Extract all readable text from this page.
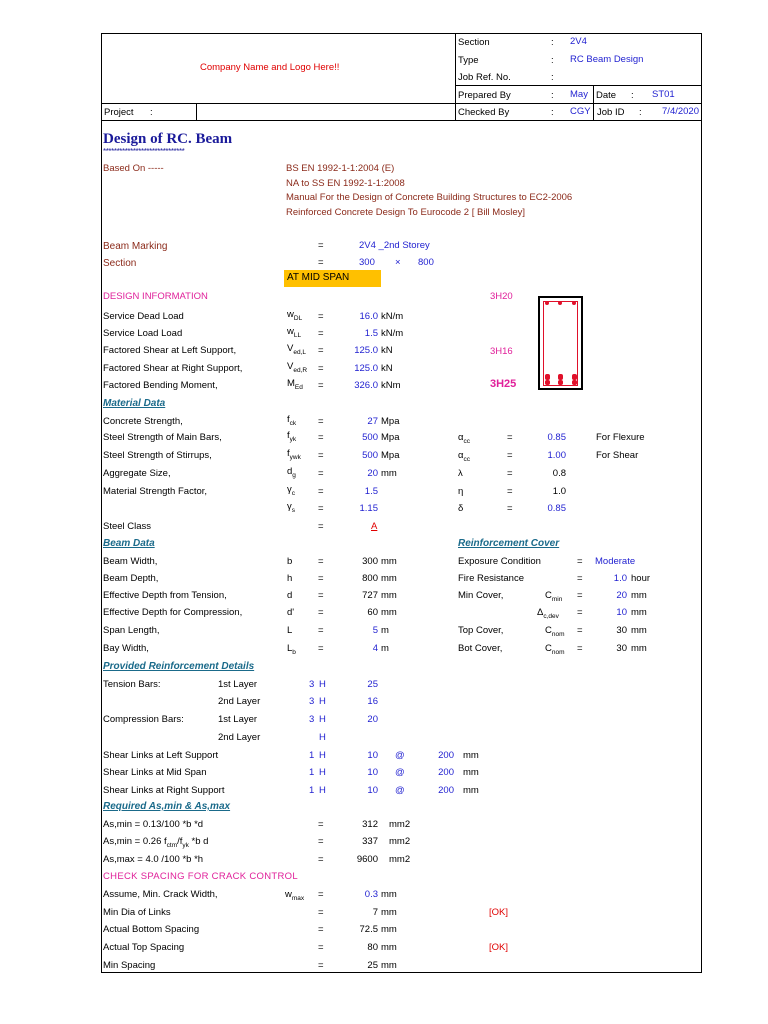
Company Name and Logo Here!!
Project :
Section	: 2V4
Type	: RC Beam Design
Job Ref. No.	:
Prepared By	: May Date : ST01
Checked By	: CGY Job ID :	7/4/2020
Design of RC. Beam
******************************
Based On -----	BS EN 1992-1-1:2004 (E)
NA to SS EN 1992-1-1:2008
Manual For the Design of Concrete Building Structures to EC2-2006
Reinforced Concrete Design To Eurocode 2 [ Bill Mosley]
Beam Marking	=	2V4 _2nd Storey
Section	=	300 × 800
AT MID SPAN
DESIGN INFORMATION	3H20
3H16
3H25
Service Dead Load	$w_{DL}$ =	16.0 kN/m
Service Load Load	$w_{LL}$ =	1.5 kN/m
Factored Shear at Left Support,	$V_{ed,L}$ =	125.0 kN
Factored Shear at Right Support,	$V_{ed,R}$ =	125.0 kN
Factored Bending Moment,	$M_{Ed}$ =	326.0 kNm
Material Data
Concrete Strength,	$f_{ck}$ =	27 Mpa
Steel Strength of Main Bars,	$f_{yk}$ =	500 Mpa	$\alpha_{cc}$	=	0.85	For Flexure
Steel Strength of Stirrups,	$f_{ywk}$ =	500 Mpa	$\alpha_{cc}$	=	1.00	For Shear
Aggregate Size,	$d_g$ =	20 mm	λ	=	0.8
Material Strength Factor,	$\gamma_c$ =	1.5	η	=	1.0
$\gamma_s$ =	1.15	δ	=	0.85
Steel Class	=	A
Beam Data	Reinforcement Cover
Beam Width,	b	=	300 mm
Beam Depth,	h	=	800 mm
Effective Depth from Tension,	d	=	727 mm
Effective Depth for Compression,	d'	=	60 mm
Span Length,	L	=	5 m
Bay Width,	$L_b$ =	4 m
Exposure Condition	= Moderate
Fire Resistance	=	1.0 hour
Min Cover,	$C_{min}$ =	20 mm
$\Delta_{c,dev}$ =	10 mm
Top Cover,	$C_{nom}$ =	30 mm
Bot Cover,	$C_{nom}$ =	30 mm
Provided Reinforcement Details
Tension Bars:	1st Layer	3 H	25
2nd Layer	3 H	16
Compression Bars:	1st Layer	3 H	20
2nd Layer	H
Shear Links at Left Support	1 H	10 @	200 mm
Shear Links at Mid Span	1 H	10 @	200 mm
Shear Links at Right Support	1 H	10 @	200 mm
Required As,min & As,max
As,min = 0.13/100 *b *d	=	312 mm2
As,min = 0.26 $f_{ctm}/f_{yk}$ *b d	=	337 mm2
As,max = 4.0 /100 *b *h	=	9600 mm2
CHECK SPACING FOR CRACK CONTROL
Assume, Min. Crack Width,	$w_{max}$ =	0.3 mm
Min Dia of Links	=	7 mm	[OK]
Actual Bottom Spacing	=	72.5 mm
Actual Top Spacing	=	80 mm	[OK]
Min Spacing	=	25 mm
